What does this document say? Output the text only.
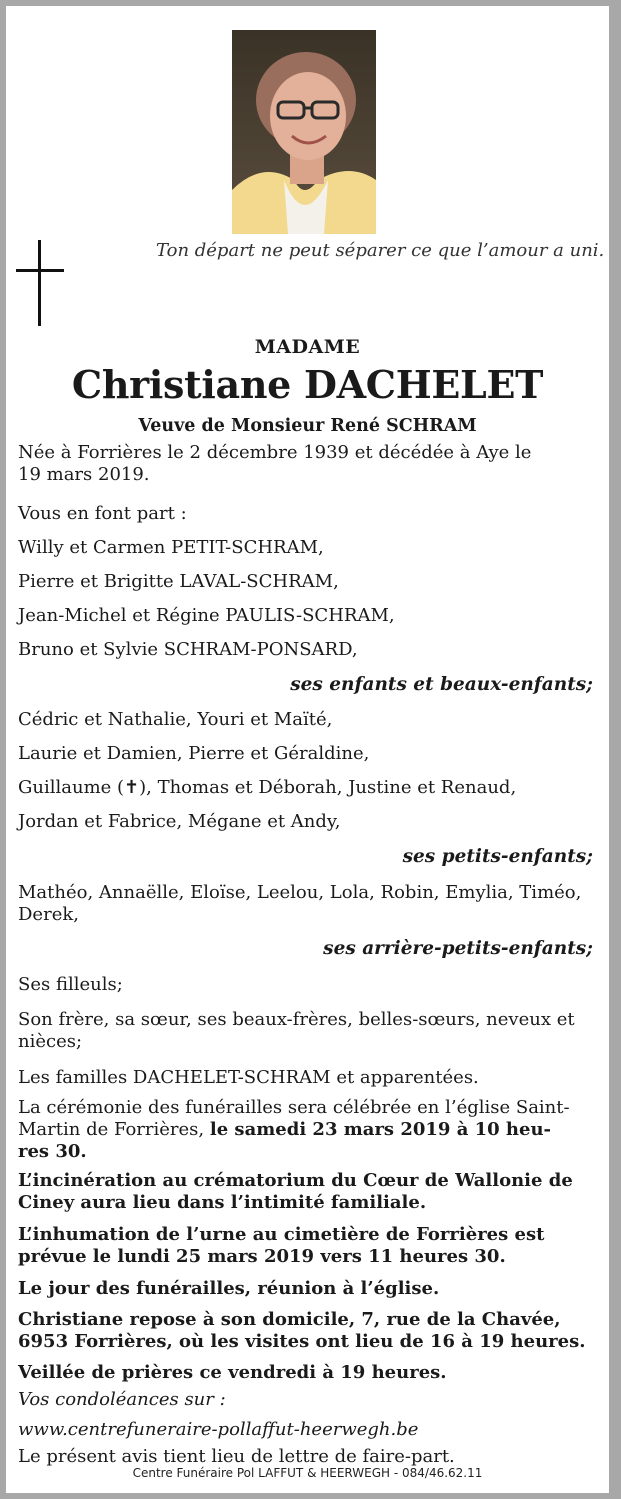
Ton départ ne peut séparer ce que l’amour a uni.
MADAME
Christiane DACHELET
Veuve de Monsieur René SCHRAM
Née à Forrières le 2 décembre 1939 et décédée à Aye le
19 mars 2019.
Vous en font part :
Willy et Carmen PETIT-SCHRAM,
Pierre et Brigitte LAVAL-SCHRAM,
Jean-Michel et Régine PAULIS-SCHRAM,
Bruno et Sylvie SCHRAM-PONSARD,
ses enfants et beaux-enfants;
Cédric et Nathalie, Youri et Maïté,
Laurie et Damien, Pierre et Géraldine,
Guillaume (✝), Thomas et Déborah, Justine et Renaud,
Jordan et Fabrice, Mégane et Andy,
ses petits-enfants;
Mathéo, Annaëlle, Eloïse, Leelou, Lola, Robin, Emylia, Timéo,
Derek,
ses arrière-petits-enfants;
Ses filleuls;
Son frère, sa sœur, ses beaux-frères, belles-sœurs, neveux et
nièces;
Les familles DACHELET-SCHRAM et apparentées.
La cérémonie des funérailles sera célébrée en l’église Saint-
Martin de Forrières, le samedi 23 mars 2019 à 10 heu-
res 30.
L’incinération au crématorium du Cœur de Wallonie de
Ciney aura lieu dans l’intimité familiale.
L’inhumation de l’urne au cimetière de Forrières est
prévue le lundi 25 mars 2019 vers 11 heures 30.
Le jour des funérailles, réunion à l’église.
Christiane repose à son domicile, 7, rue de la Chavée,
6953 Forrières, où les visites ont lieu de 16 à 19 heures.
Veillée de prières ce vendredi à 19 heures.
Vos condoléances sur :
www.centrefuneraire-pollaffut-heerwegh.be
Le présent avis tient lieu de lettre de faire-part.
Centre Funéraire Pol LAFFUT & HEERWEGH - 084/46.62.11
